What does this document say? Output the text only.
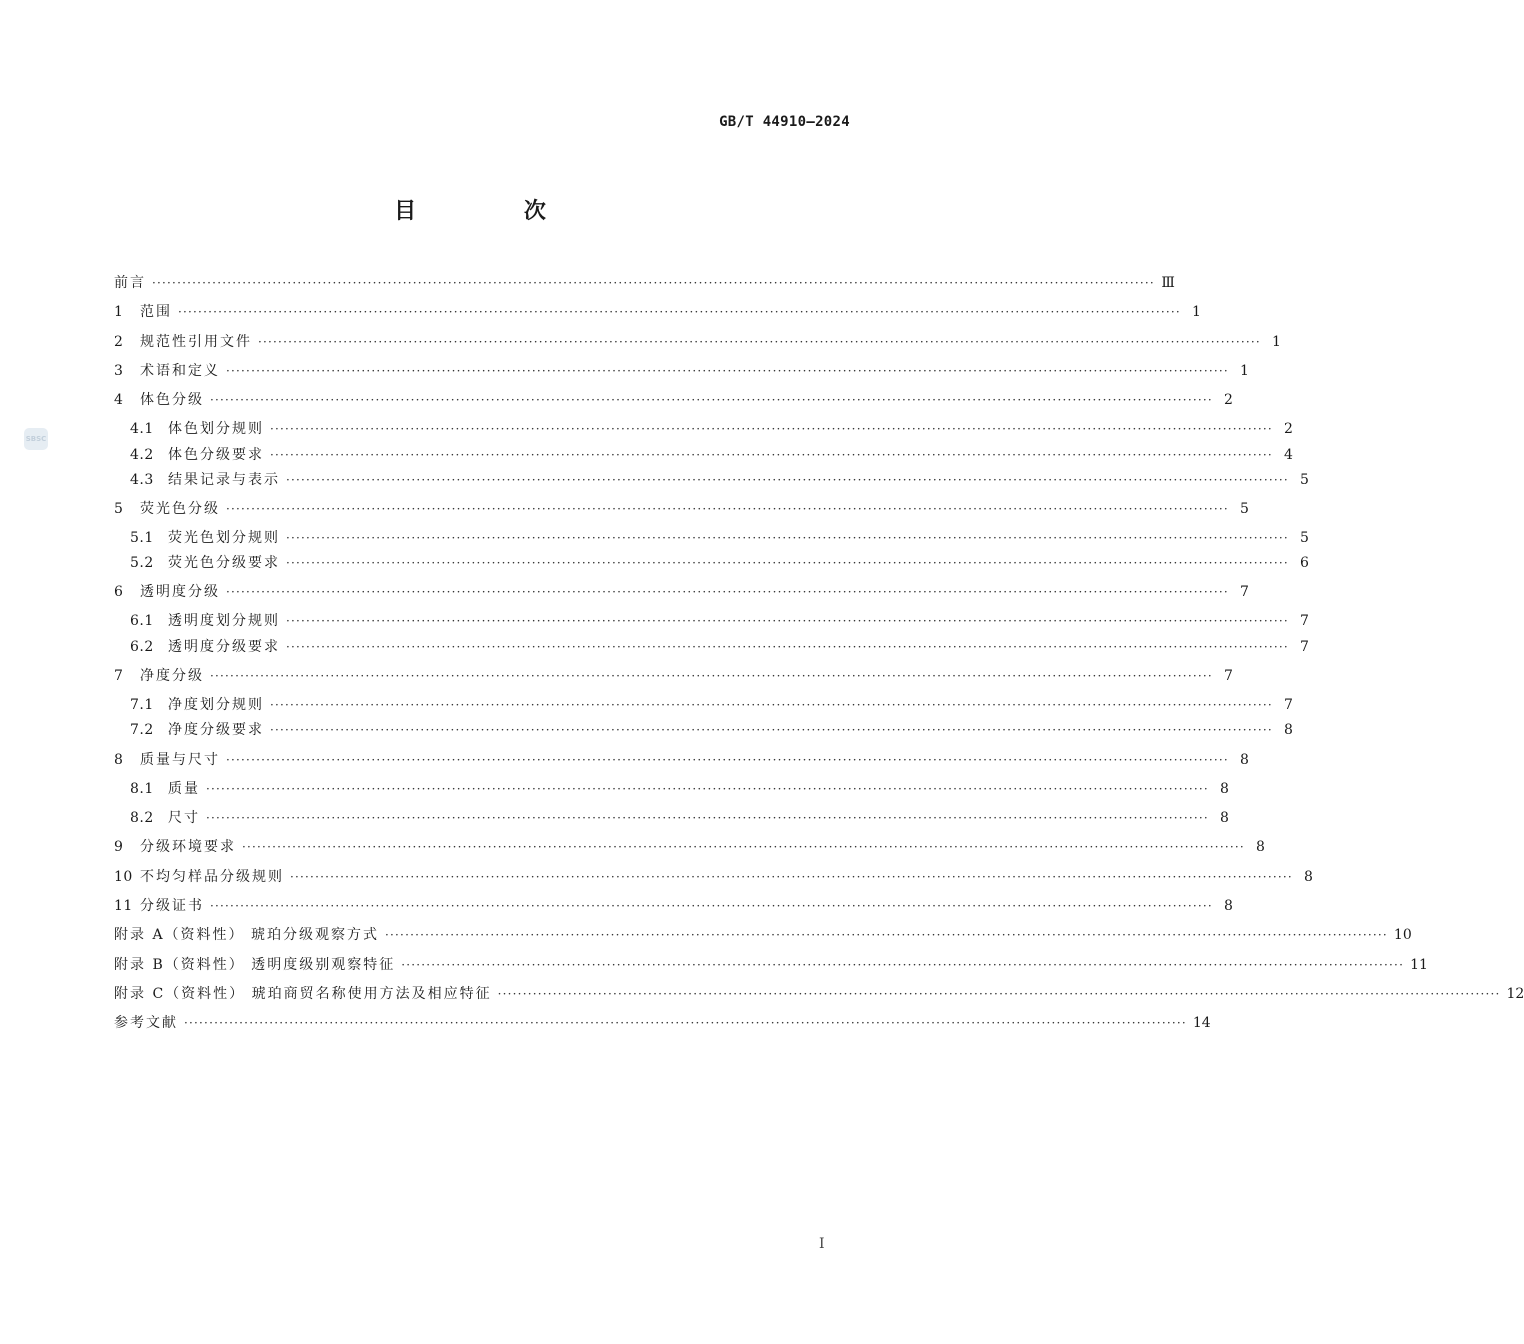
GB/T 44910—2024
SBSC
目 次
前言 ········································································································································································································ Ⅲ
1 范围 ········································································································································································································ 1
2 规范性引用文件 ········································································································································································································ 1
3 术语和定义 ········································································································································································································ 1
4 体色分级 ········································································································································································································ 2
4.1 体色划分规则 ········································································································································································································ 2
4.2 体色分级要求 ········································································································································································································ 4
4.3 结果记录与表示 ········································································································································································································ 5
5 荧光色分级 ········································································································································································································ 5
5.1 荧光色划分规则 ········································································································································································································ 5
5.2 荧光色分级要求 ········································································································································································································ 6
6 透明度分级 ········································································································································································································ 7
6.1 透明度划分规则 ········································································································································································································ 7
6.2 透明度分级要求 ········································································································································································································ 7
7 净度分级 ········································································································································································································ 7
7.1 净度划分规则 ········································································································································································································ 7
7.2 净度分级要求 ········································································································································································································ 8
8 质量与尺寸 ········································································································································································································ 8
8.1 质量 ········································································································································································································ 8
8.2 尺寸 ········································································································································································································ 8
9 分级环境要求 ········································································································································································································ 8
10 不均匀样品分级规则 ········································································································································································································ 8
11 分级证书 ········································································································································································································ 8
附录 A（资料性） 琥珀分级观察方式 ········································································································································································································ 10
附录 B（资料性） 透明度级别观察特征 ········································································································································································································ 11
附录 C（资料性） 琥珀商贸名称使用方法及相应特征 ········································································································································································································ 12
参考文献 ········································································································································································································ 14
I
